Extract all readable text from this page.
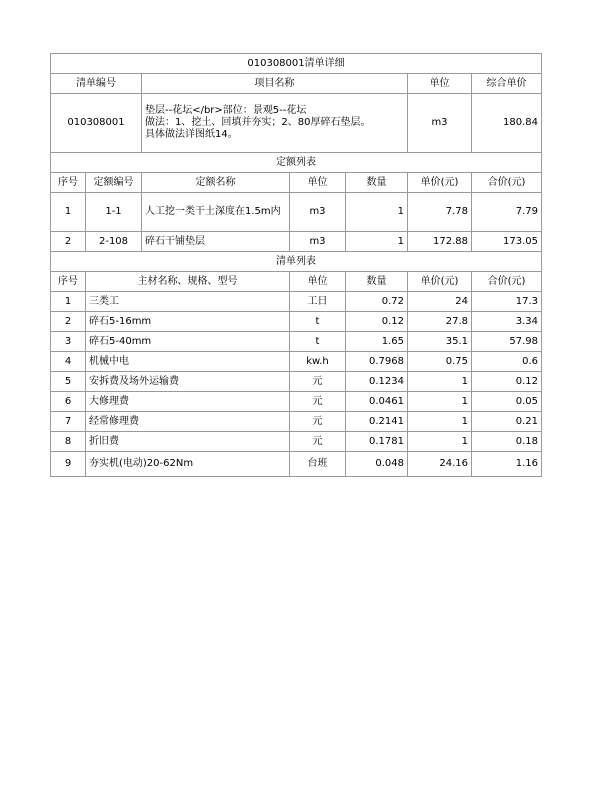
010308001清单详细						
清单编号		项目名称			单位	综合单价
010308001		垫层--花坛</br>部位：景观5--花坛
做法：1、挖土、回填并夯实；2、80厚碎石垫层。
具体做法详图纸14。			m3	180.84
定额列表						
序号	定额编号	定额名称	单位	数量	单价(元)	合价(元)
1	1-1	人工挖一类干土深度在1.5m内	m3	1	7.78	7.79
2	2-108	碎石干铺垫层	m3	1	172.88	173.05
清单列表						
序号	主材名称、规格、型号		单位	数量	单价(元)	合价(元)
1	三类工		工日	0.72	24	17.3
2	碎石5-16mm		t	0.12	27.8	3.34
3	碎石5-40mm		t	1.65	35.1	57.98
4	机械中电		kw.h	0.7968	0.75	0.6
5	安拆费及场外运输费		元	0.1234	1	0.12
6	大修理费		元	0.0461	1	0.05
7	经常修理费		元	0.2141	1	0.21
8	折旧费		元	0.1781	1	0.18
9	夯实机(电动)20-62Nm		台班	0.048	24.16	1.16
